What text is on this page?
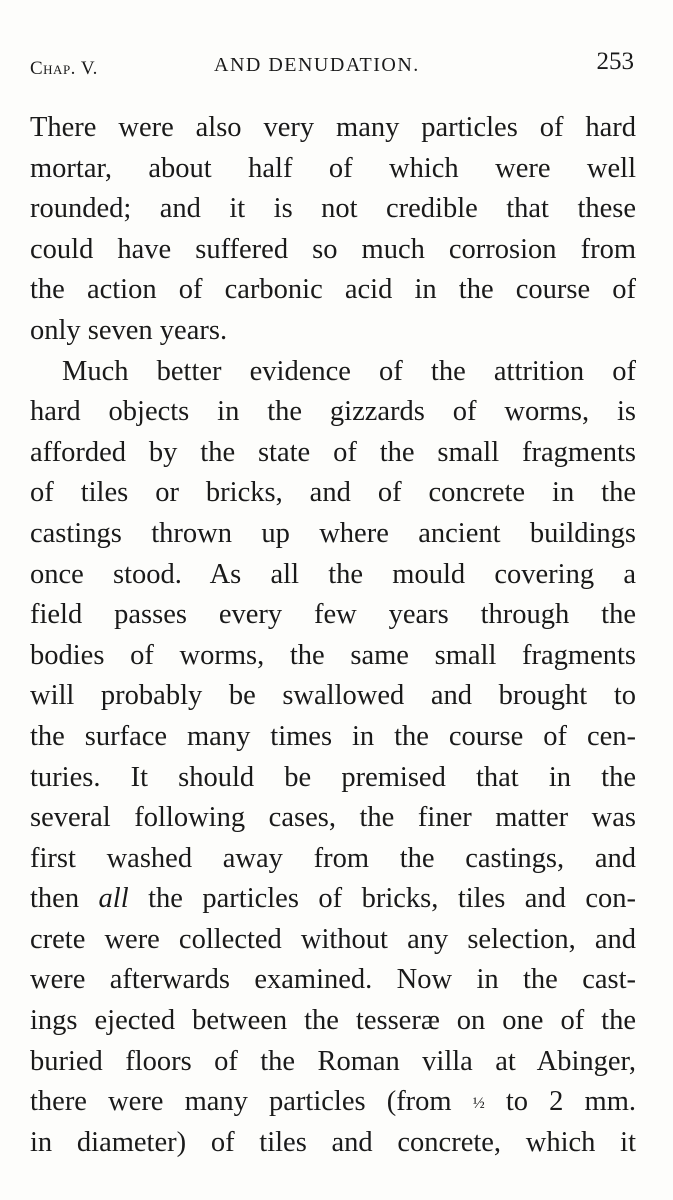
Chap. V.	AND DENUDATION.	253
There were also very many particles of hard
mortar, about half of which were well
rounded; and it is not credible that these
could have suffered so much corrosion from
the action of carbonic acid in the course of
only seven years.
Much better evidence of the attrition of
hard objects in the gizzards of worms, is
afforded by the state of the small fragments
of tiles or bricks, and of concrete in the
castings thrown up where ancient buildings
once stood. As all the mould covering a
field passes every few years through the
bodies of worms, the same small fragments
will probably be swallowed and brought to
the surface many times in the course of cen-
turies. It should be premised that in the
several following cases, the finer matter was
first washed away from the castings, and
then all the particles of bricks, tiles and con-
crete were collected without any selection, and
were afterwards examined. Now in the cast-
ings ejected between the tesseræ on one of the
buried floors of the Roman villa at Abinger,
there were many particles (from ½ to 2 mm.
in diameter) of tiles and concrete, which it
